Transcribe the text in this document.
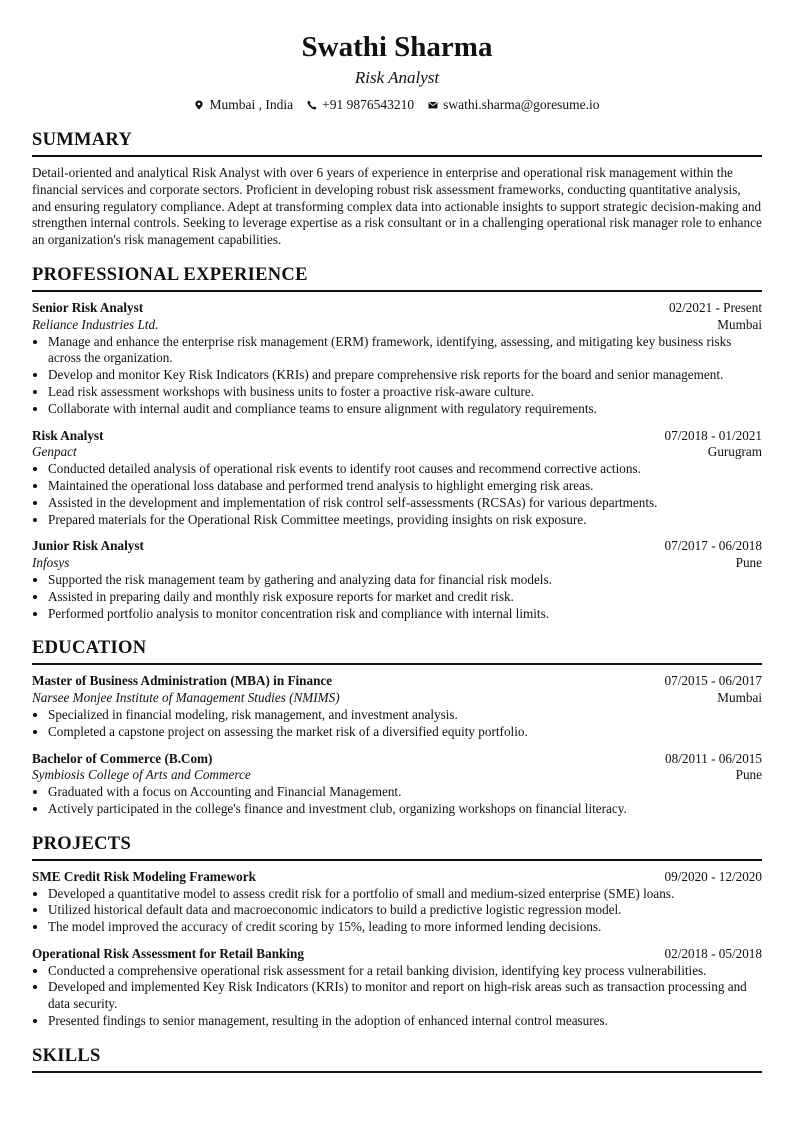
Swathi Sharma
Risk Analyst
Mumbai , India +91 9876543210 swathi.sharma@goresume.io
SUMMARY

Detail-oriented and analytical Risk Analyst with over 6 years of experience in enterprise and operational risk management within the financial services and corporate sectors. Proficient in developing robust risk assessment frameworks, conducting quantitative analysis, and ensuring regulatory compliance. Adept at transforming complex data into actionable insights to support strategic decision-making and strengthen internal controls. Seeking to leverage expertise as a risk consultant or in a challenging operational risk manager role to enhance an organization's risk management capabilities.

PROFESSIONAL EXPERIENCE
Senior Risk Analyst	02/2021 - Present
Reliance Industries Ltd.	Mumbai
• Manage and enhance the enterprise risk management (ERM) framework, identifying, assessing, and mitigating key business risks across the organization.
• Develop and monitor Key Risk Indicators (KRIs) and prepare comprehensive risk reports for the board and senior management.
• Lead risk assessment workshops with business units to foster a proactive risk-aware culture.
• Collaborate with internal audit and compliance teams to ensure alignment with regulatory requirements.
Risk Analyst	07/2018 - 01/2021
Genpact	Gurugram
• Conducted detailed analysis of operational risk events to identify root causes and recommend corrective actions.
• Maintained the operational loss database and performed trend analysis to highlight emerging risk areas.
• Assisted in the development and implementation of risk control self-assessments (RCSAs) for various departments.
• Prepared materials for the Operational Risk Committee meetings, providing insights on risk exposure.
Junior Risk Analyst	07/2017 - 06/2018
Infosys	Pune
• Supported the risk management team by gathering and analyzing data for financial risk models.
• Assisted in preparing daily and monthly risk exposure reports for market and credit risk.
• Performed portfolio analysis to monitor concentration risk and compliance with internal limits.
EDUCATION
Master of Business Administration (MBA) in Finance	07/2015 - 06/2017
Narsee Monjee Institute of Management Studies (NMIMS)	Mumbai
• Specialized in financial modeling, risk management, and investment analysis.
• Completed a capstone project on assessing the market risk of a diversified equity portfolio.
Bachelor of Commerce (B.Com)	08/2011 - 06/2015
Symbiosis College of Arts and Commerce	Pune
• Graduated with a focus on Accounting and Financial Management.
• Actively participated in the college's finance and investment club, organizing workshops on financial literacy.
PROJECTS
SME Credit Risk Modeling Framework	09/2020 - 12/2020
• Developed a quantitative model to assess credit risk for a portfolio of small and medium-sized enterprise (SME) loans.
• Utilized historical default data and macroeconomic indicators to build a predictive logistic regression model.
• The model improved the accuracy of credit scoring by 15%, leading to more informed lending decisions.
Operational Risk Assessment for Retail Banking	02/2018 - 05/2018
• Conducted a comprehensive operational risk assessment for a retail banking division, identifying key process vulnerabilities.
• Developed and implemented Key Risk Indicators (KRIs) to monitor and report on high-risk areas such as transaction processing and data security.
• Presented findings to senior management, resulting in the adoption of enhanced internal control measures.
SKILLS
